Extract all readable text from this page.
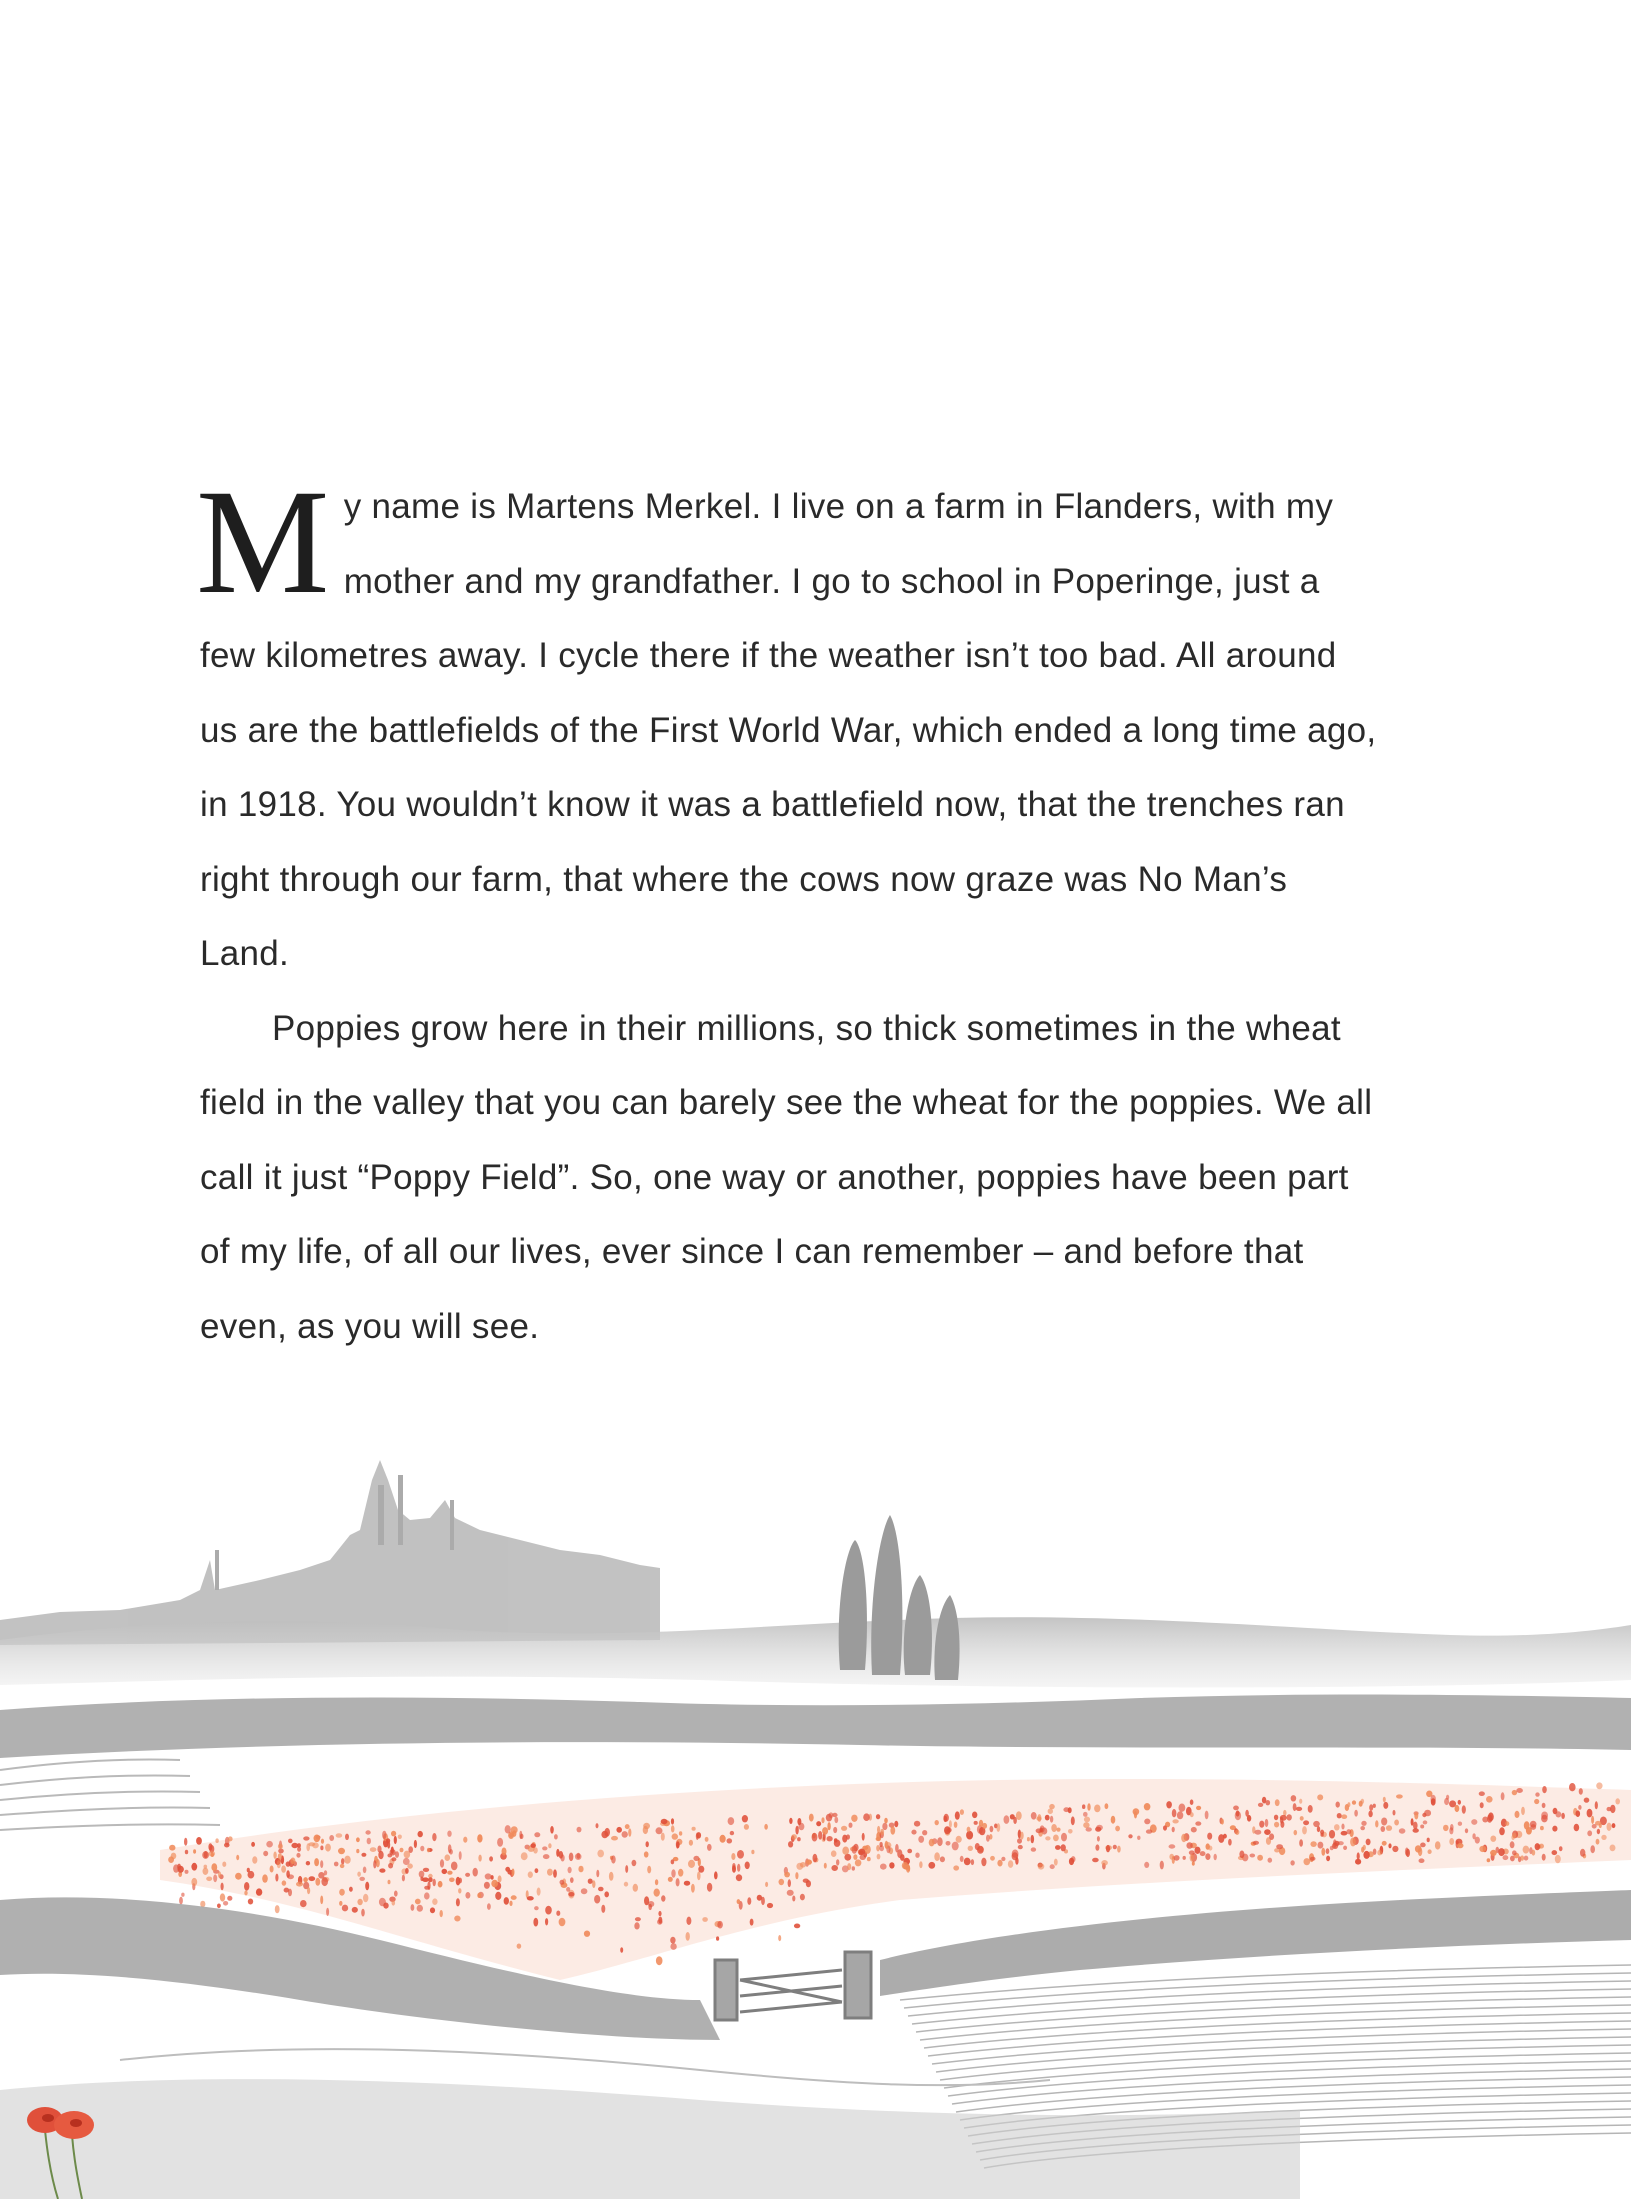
My name is Martens Merkel. I live on a farm in Flanders, with my mother and my grandfather. I go to school in Poperinge, just a few kilometres away. I cycle there if the weather isn’t too bad. All around us are the battlefields of the First World War, which ended a long time ago, in 1918. You wouldn’t know it was a battlefield now, that the trenches ran right through our farm, that where the cows now graze was No Man’s Land.

Poppies grow here in their millions, so thick sometimes in the wheat field in the valley that you can barely see the wheat for the poppies. We all call it just “Poppy Field”. So, one way or another, poppies have been part of my life, of all our lives, ever since I can remember – and before that even, as you will see.
